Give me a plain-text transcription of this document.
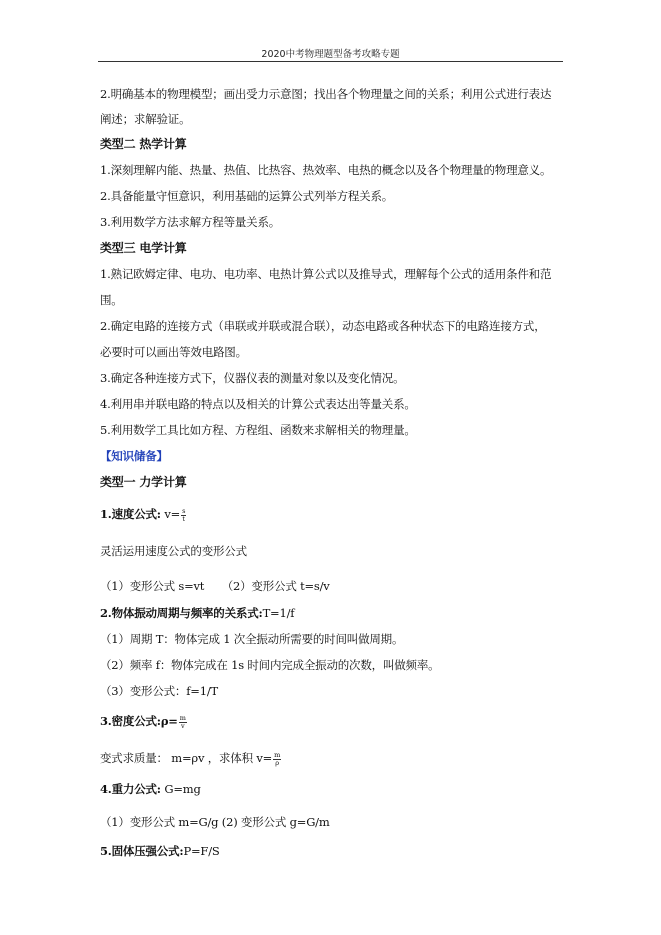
2020中考物理题型备考攻略专题
2.明确基本的物理模型；画出受力示意图；找出各个物理量之间的关系；利用公式进行表达
阐述；求解验证。
类型二 热学计算
1.深刻理解内能、热量、热值、比热容、热效率、电热的概念以及各个物理量的物理意义。
2.具备能量守恒意识，利用基础的运算公式列举方程关系。
3.利用数学方法求解方程等量关系。
类型三 电学计算
1.熟记欧姆定律、电功、电功率、电热计算公式以及推导式，理解每个公式的适用条件和范
围。
2.确定电路的连接方式（串联或并联或混合联），动态电路或各种状态下的电路连接方式，
必要时可以画出等效电路图。
3.确定各种连接方式下，仪器仪表的测量对象以及变化情况。
4.利用串并联电路的特点以及相关的计算公式表达出等量关系。
5.利用数学工具比如方程、方程组、函数来求解相关的物理量。
【知识储备】
类型一 力学计算
1.速度公式: $v= \frac{s}{t}$
灵活运用速度公式的变形公式
（1）变形公式 s=vt （2）变形公式 t=s/v
2.物体振动周期与频率的关系式:T=1/f
（1）周期 T：物体完成 1 次全振动所需要的时间叫做周期。
（2）频率 f：物体完成在 1s 时间内完成全振动的次数，叫做频率。
（3）变形公式：f=1/T
3.密度公式:ρ= $\frac{m}{v}$
变式求质量： m=ρv ，求体积 $v= \frac{m}{\rho}$
4.重力公式: G=mg
（1）变形公式 m=G/g (2) 变形公式 g=G/m
5.固体压强公式:P=F/S
